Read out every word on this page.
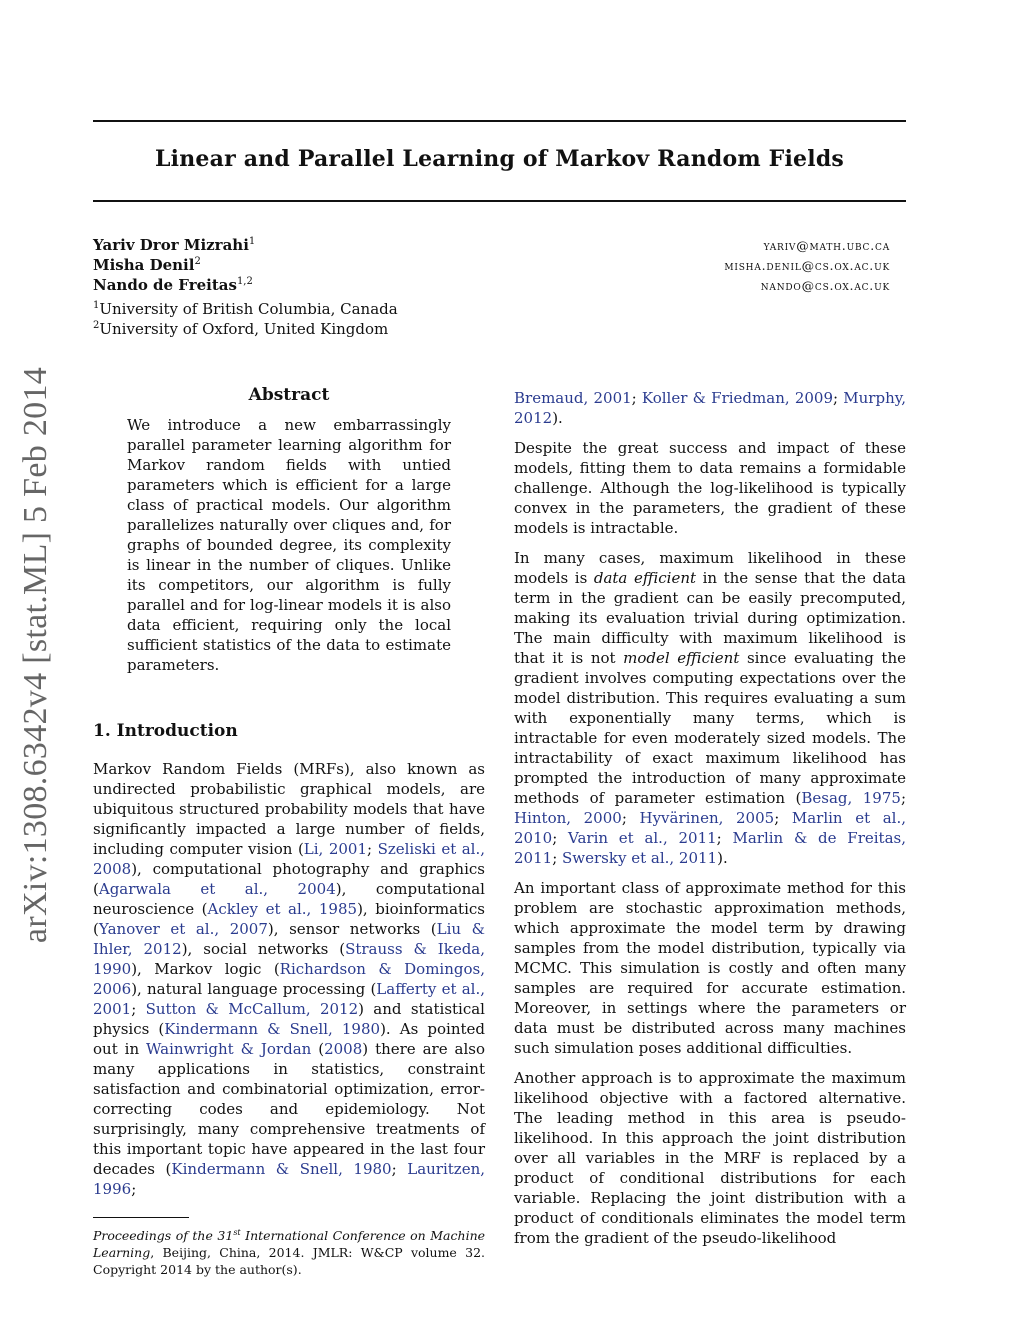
arXiv:1308.6342v4 [stat.ML] 5 Feb 2014
Linear and Parallel Learning of Markov Random Fields
Yariv Dror Mizrahi$^1$	yariv@math.ubc.ca
Misha Denil$^2$	misha.denil@cs.ox.ac.uk
Nando de Freitas$^{1,2}$	nando@cs.ox.ac.uk
$^1$University of British Columbia, Canada
$^2$University of Oxford, United Kingdom
Abstract
We introduce a new embarrassingly parallel parameter learning algorithm for Markov random fields with untied parameters which is efficient for a large class of practical models. Our algorithm parallelizes naturally over cliques and, for graphs of bounded degree, its complexity is linear in the number of cliques. Unlike its competitors, our algorithm is fully parallel and for log-linear models it is also data efficient, requiring only the local sufficient statistics of the data to estimate parameters.
1. Introduction

Markov Random Fields (MRFs), also known as undirected probabilistic graphical models, are ubiquitous structured probability models that have significantly impacted a large number of fields, including computer vision (Li, 2001; Szeliski et al., 2008), computational photography and graphics (Agarwala et al., 2004), computational neuroscience (Ackley et al., 1985), bioinformatics (Yanover et al., 2007), sensor networks (Liu & Ihler, 2012), social networks (Strauss & Ikeda, 1990), Markov logic (Richardson & Domingos, 2006), natural language processing (Lafferty et al., 2001; Sutton & McCallum, 2012) and statistical physics (Kindermann & Snell, 1980). As pointed out in Wainwright & Jordan (2008) there are also many applications in statistics, constraint satisfaction and combinatorial optimization, error-correcting codes and epidemiology. Not surprisingly, many comprehensive treatments of this important topic have appeared in the last four decades (Kindermann & Snell, 1980; Lauritzen, 1996;

Proceedings of the 31st International Conference on Machine Learning, Beijing, China, 2014. JMLR: W&CP volume 32. Copyright 2014 by the author(s).

Bremaud, 2001; Koller & Friedman, 2009; Murphy, 2012).

Despite the great success and impact of these models, fitting them to data remains a formidable challenge. Although the log-likelihood is typically convex in the parameters, the gradient of these models is intractable.

In many cases, maximum likelihood in these models is data efficient in the sense that the data term in the gradient can be easily precomputed, making its evaluation trivial during optimization. The main difficulty with maximum likelihood is that it is not model efficient since evaluating the gradient involves computing expectations over the model distribution. This requires evaluating a sum with exponentially many terms, which is intractable for even moderately sized models. The intractability of exact maximum likelihood has prompted the introduction of many approximate methods of parameter estimation (Besag, 1975; Hinton, 2000; Hyvärinen, 2005; Marlin et al., 2010; Varin et al., 2011; Marlin & de Freitas, 2011; Swersky et al., 2011).

An important class of approximate method for this problem are stochastic approximation methods, which approximate the model term by drawing samples from the model distribution, typically via MCMC. This simulation is costly and often many samples are required for accurate estimation. Moreover, in settings where the parameters or data must be distributed across many machines such simulation poses additional difficulties.

Another approach is to approximate the maximum likelihood objective with a factored alternative. The leading method in this area is pseudo-likelihood. In this approach the joint distribution over all variables in the MRF is replaced by a product of conditional distributions for each variable. Replacing the joint distribution with a product of conditionals eliminates the model term from the gradient of the pseudo-likelihood
